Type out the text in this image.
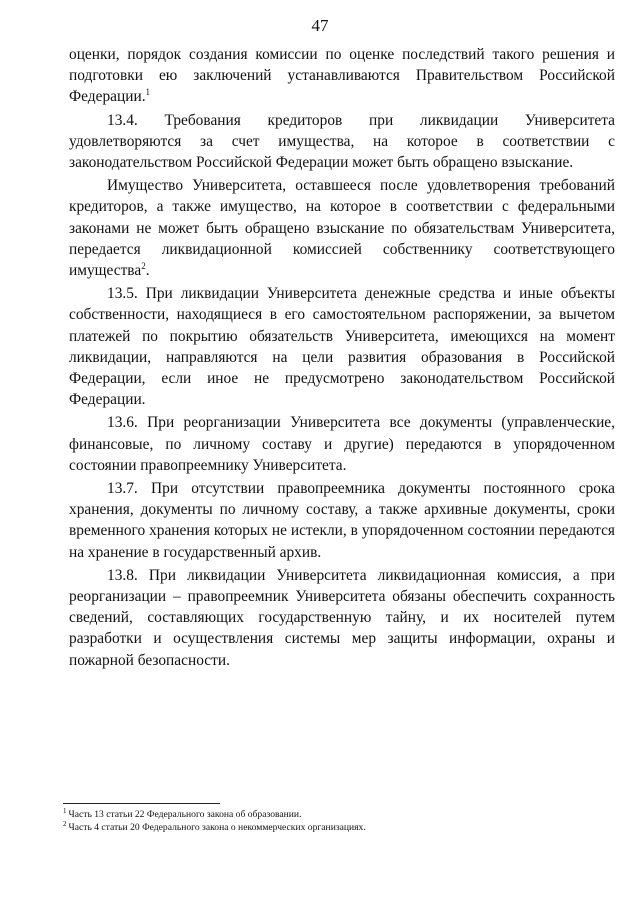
47

оценки, порядок создания комиссии по оценке последствий такого решения и подготовки ею заключений устанавливаются Правительством Российской Федерации.$^1$

13.4. Требования кредиторов при ликвидации Университета удовлетворяются за счет имущества, на которое в соответствии с законодательством Российской Федерации может быть обращено взыскание.

Имущество Университета, оставшееся после удовлетворения требований кредиторов, а также имущество, на которое в соответствии с федеральными законами не может быть обращено взыскание по обязательствам Университета, передается ликвидационной комиссией собственнику соответствующего имущества$^2$.

13.5. При ликвидации Университета денежные средства и иные объекты собственности, находящиеся в его самостоятельном распоряжении, за вычетом платежей по покрытию обязательств Университета, имеющихся на момент ликвидации, направляются на цели развития образования в Российской Федерации, если иное не предусмотрено законодательством Российской Федерации.

13.6. При реорганизации Университета все документы (управленческие, финансовые, по личному составу и другие) передаются в упорядоченном состоянии правопреемнику Университета.

13.7. При отсутствии правопреемника документы постоянного срока хранения, документы по личному составу, а также архивные документы, сроки временного хранения которых не истекли, в упорядоченном состоянии передаются на хранение в государственный архив.

13.8. При ликвидации Университета ликвидационная комиссия, а при реорганизации – правопреемник Университета обязаны обеспечить сохранность сведений, составляющих государственную тайну, и их носителей путем разработки и осуществления системы мер защиты информации, охраны и пожарной безопасности.

$^1$ Часть 13 статьи 22 Федерального закона об образовании.
$^2$ Часть 4 статьи 20 Федерального закона о некоммерческих организациях.
